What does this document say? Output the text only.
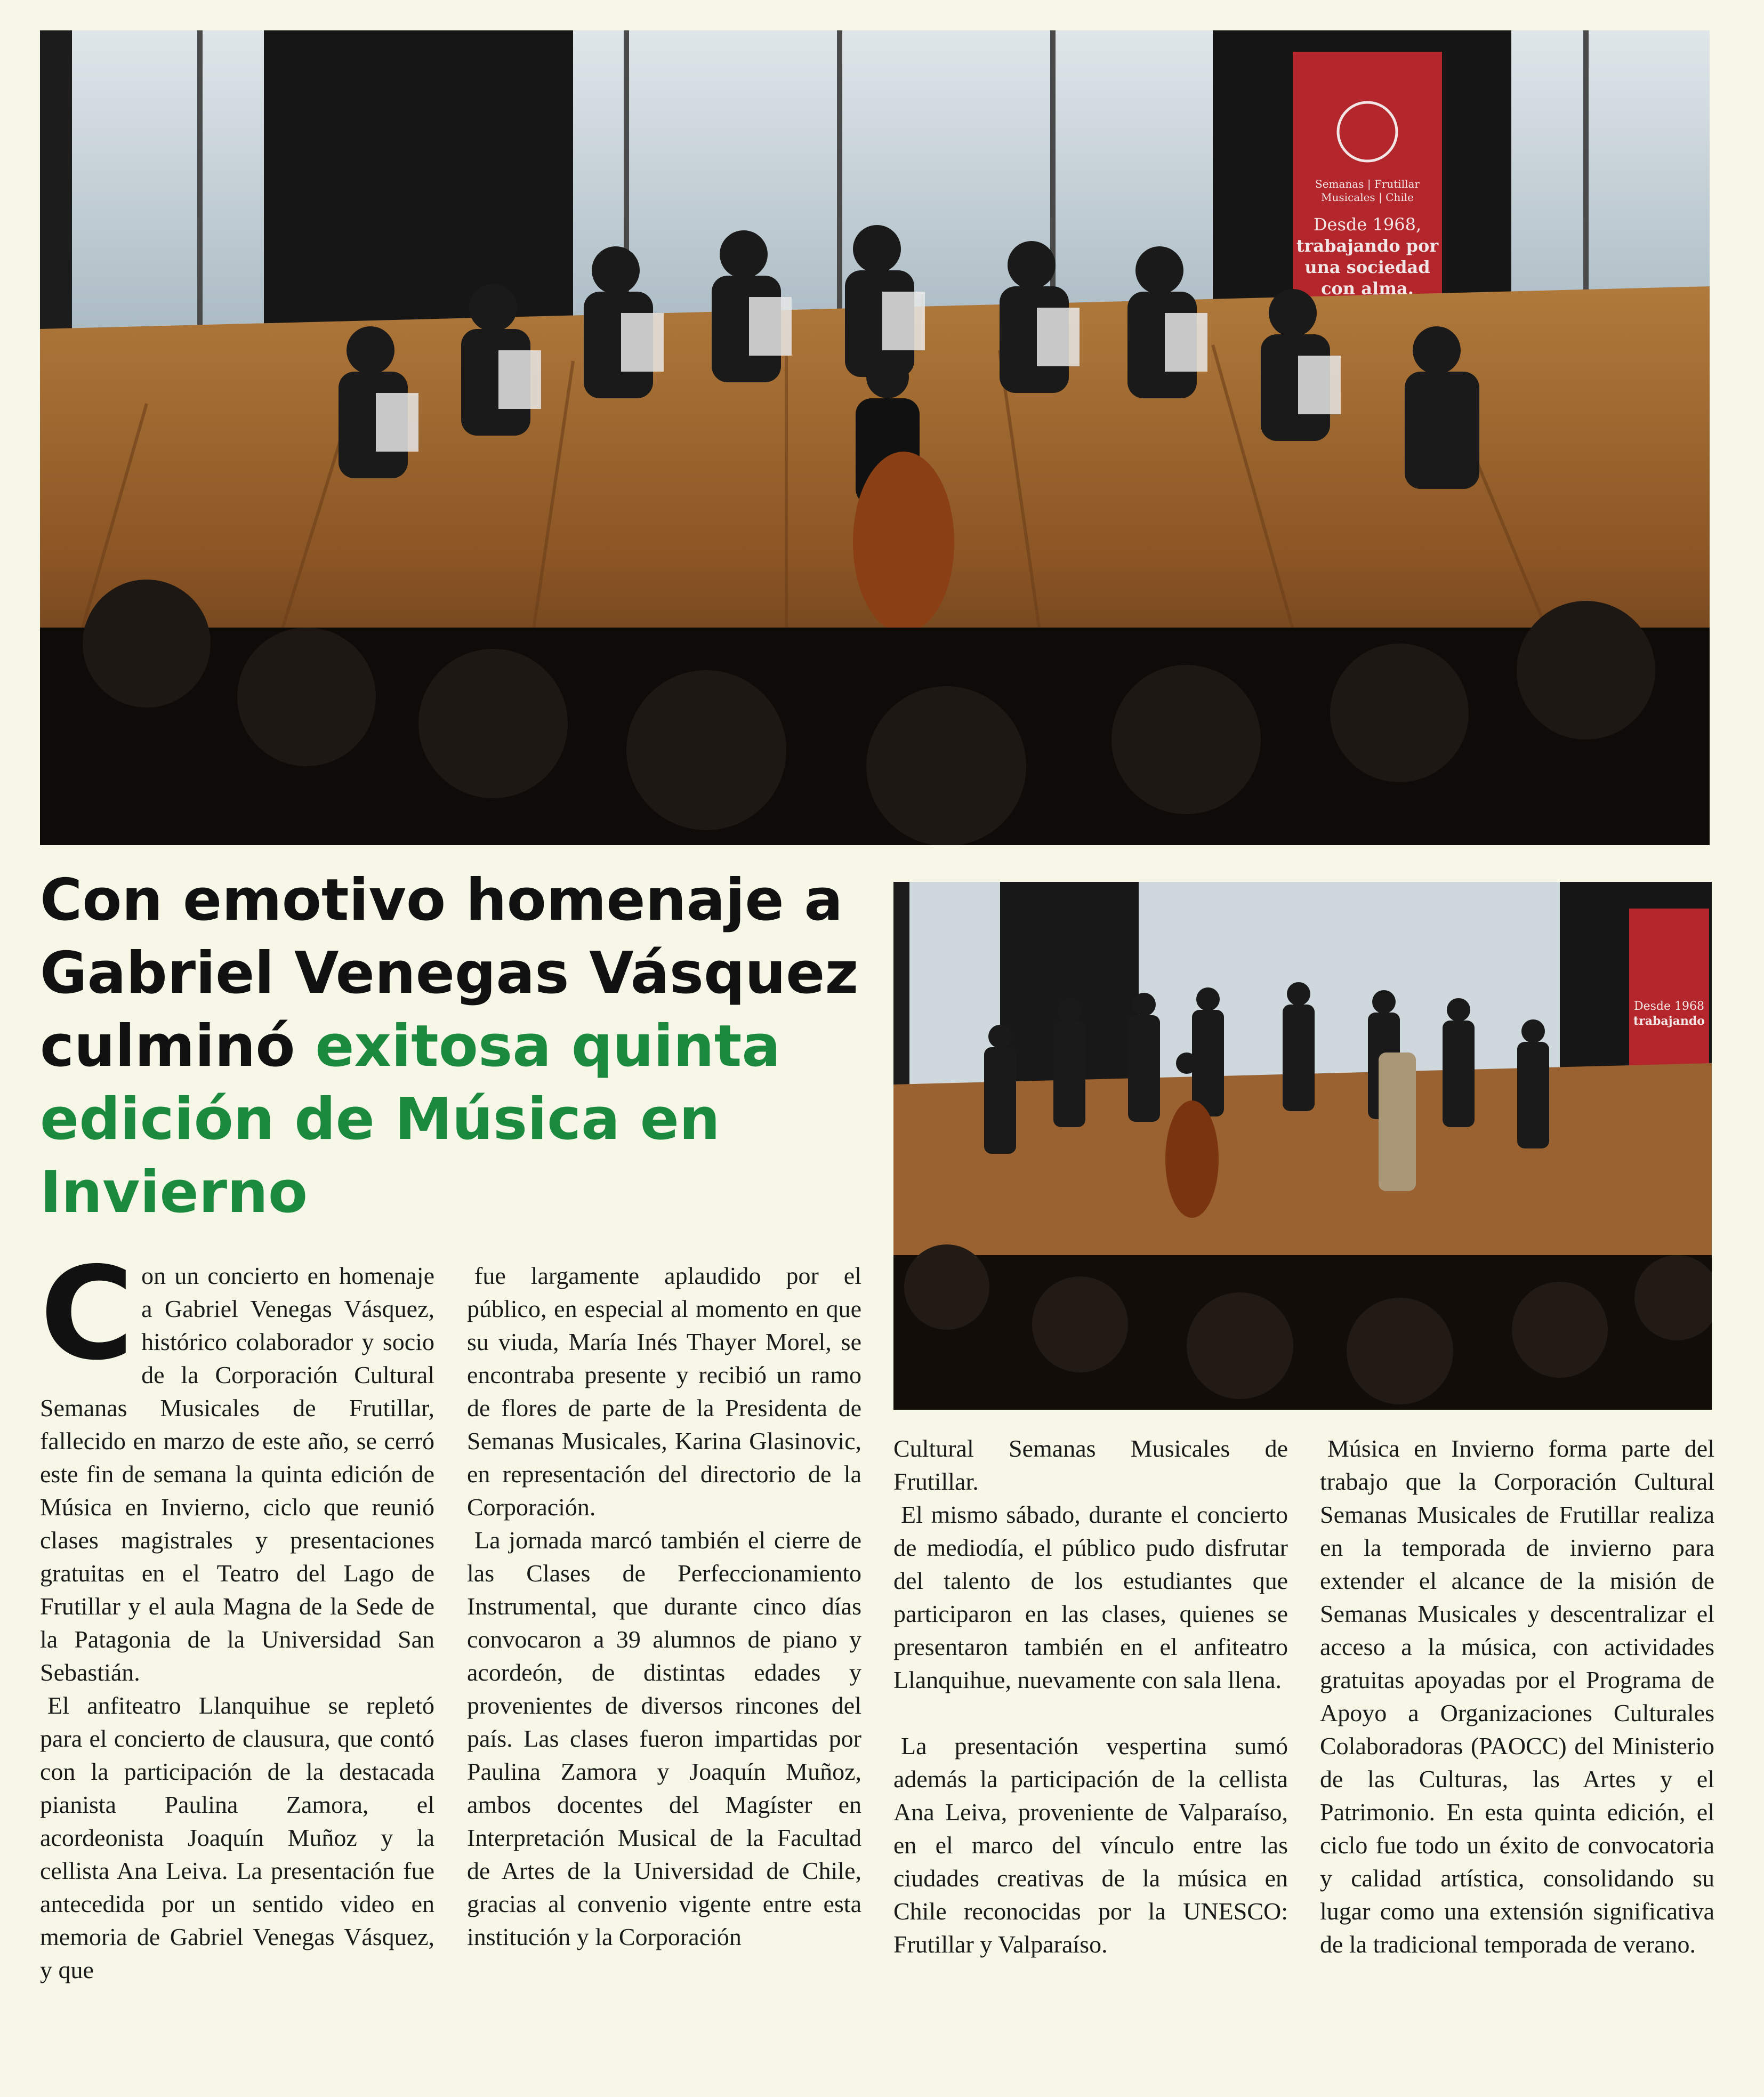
Semanas | Frutillar
Musicales | Chile
Desde 1968,
trabajando por
una sociedad
con alma.
Con emotivo homenaje a Gabriel Venegas Vásquez culminó exitosa quinta edición de Música en Invierno
Desde 1968
trabajando

Con un concierto en homenaje a Gabriel Venegas Vásquez, histórico colaborador y socio de la Corporación Cultural Semanas Musicales de Frutillar, fallecido en marzo de este año, se cerró este fin de semana la quinta edición de Música en Invierno, ciclo que reunió clases magistrales y presentaciones gratuitas en el Teatro del Lago de Frutillar y el aula Magna de la Sede de la Patagonia de la Universidad San Sebastián.

El anfiteatro Llanquihue se repletó para el concierto de clausura, que contó con la participación de la destacada pianista Paulina Zamora, el acordeonista Joaquín Muñoz y la cellista Ana Leiva. La presentación fue antecedida por un sentido video en memoria de Gabriel Venegas Vásquez, y que

fue largamente aplaudido por el público, en especial al momento en que su viuda, María Inés Thayer Morel, se encontraba presente y recibió un ramo de flores de parte de la Presidenta de Semanas Musicales, Karina Glasinovic, en representación del directorio de la Corporación.

La jornada marcó también el cierre de las Clases de Perfeccionamiento Instrumental, que durante cinco días convocaron a 39 alumnos de piano y acordeón, de distintas edades y provenientes de diversos rincones del país. Las clases fueron impartidas por Paulina Zamora y Joaquín Muñoz, ambos docentes del Magíster en Interpretación Musical de la Facultad de Artes de la Universidad de Chile, gracias al convenio vigente entre esta institución y la Corporación

Cultural Semanas Musicales de Frutillar.

El mismo sábado, durante el concierto de mediodía, el público pudo disfrutar del talento de los estudiantes que participaron en las clases, quienes se presentaron también en el anfiteatro Llanquihue, nuevamente con sala llena.

La presentación vespertina sumó además la participación de la cellista Ana Leiva, proveniente de Valparaíso, en el marco del vínculo entre las ciudades creativas de la música en Chile reconocidas por la UNESCO: Frutillar y Valparaíso.

Música en Invierno forma parte del trabajo que la Corporación Cultural Semanas Musicales de Frutillar realiza en la temporada de invierno para extender el alcance de la misión de Semanas Musicales y descentralizar el acceso a la música, con actividades gratuitas apoyadas por el Programa de Apoyo a Organizaciones Culturales Colaboradoras (PAOCC) del Ministerio de las Culturas, las Artes y el Patrimonio. En esta quinta edición, el ciclo fue todo un éxito de convocatoria y calidad artística, consolidando su lugar como una extensión significativa de la tradicional temporada de verano.
